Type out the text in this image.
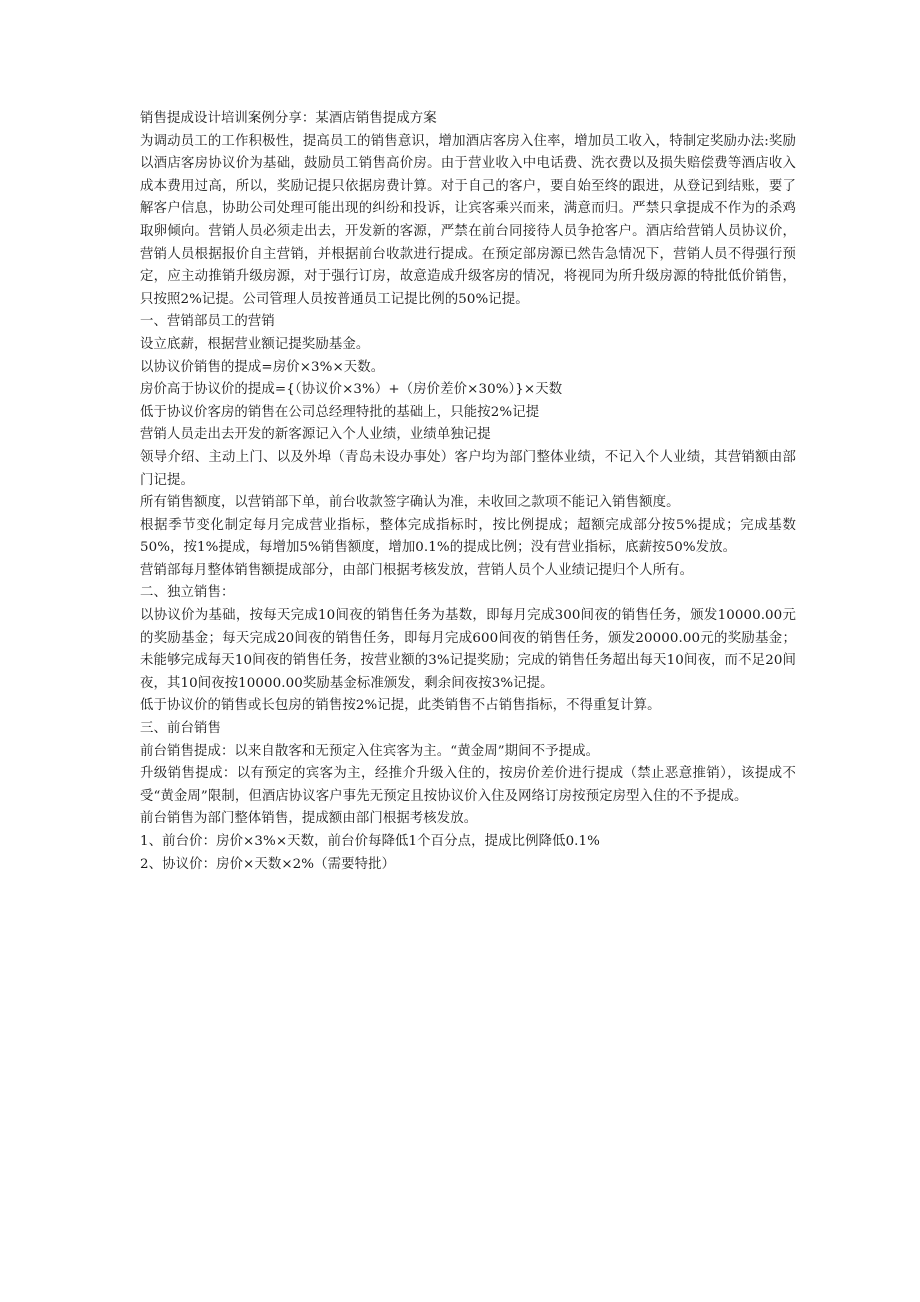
销售提成设计培训案例分享：某酒店销售提成方案
为调动员工的工作积极性，提高员工的销售意识，增加酒店客房入住率，增加员工收入，特制定奖励办法:奖励以酒店客房协议价为基础，鼓励员工销售高价房。由于营业收入中电话费、洗衣费以及损失赔偿费等酒店收入成本费用过高，所以，奖励记提只依据房费计算。对于自己的客户，要自始至终的跟进，从登记到结账，要了解客户信息，协助公司处理可能出现的纠纷和投诉，让宾客乘兴而来，满意而归。严禁只拿提成不作为的杀鸡取卵倾向。营销人员必须走出去，开发新的客源，严禁在前台同接待人员争抢客户。酒店给营销人员协议价，营销人员根据报价自主营销，并根据前台收款进行提成。在预定部房源已然告急情况下，营销人员不得强行预定，应主动推销升级房源，对于强行订房，故意造成升级客房的情况，将视同为所升级房源的特批低价销售，只按照2%记提。公司管理人员按普通员工记提比例的50%记提。
一、营销部员工的营销
设立底薪，根据营业额记提奖励基金。
以协议价销售的提成=房价×3%×天数。
房价高于协议价的提成={（协议价×3%）+（房价差价×30%）}×天数
低于协议价客房的销售在公司总经理特批的基础上，只能按2%记提
营销人员走出去开发的新客源记入个人业绩，业绩单独记提
领导介绍、主动上门、以及外埠（青岛未设办事处）客户均为部门整体业绩，不记入个人业绩，其营销额由部门记提。
所有销售额度，以营销部下单，前台收款签字确认为准，未收回之款项不能记入销售额度。
根据季节变化制定每月完成营业指标，整体完成指标时，按比例提成；超额完成部分按5%提成；完成基数50%，按1%提成，每增加5%销售额度，增加0.1%的提成比例；没有营业指标，底薪按50%发放。
营销部每月整体销售额提成部分，由部门根据考核发放，营销人员个人业绩记提归个人所有。
二、独立销售：
以协议价为基础，按每天完成10间夜的销售任务为基数，即每月完成300间夜的销售任务，颁发10000.00元的奖励基金；每天完成20间夜的销售任务，即每月完成600间夜的销售任务，颁发20000.00元的奖励基金；未能够完成每天10间夜的销售任务，按营业额的3%记提奖励；完成的销售任务超出每天10间夜，而不足20间夜，其10间夜按10000.00奖励基金标准颁发，剩余间夜按3%记提。
低于协议价的销售或长包房的销售按2%记提，此类销售不占销售指标，不得重复计算。
三、前台销售
前台销售提成：以来自散客和无预定入住宾客为主。“黄金周”期间不予提成。
升级销售提成：以有预定的宾客为主，经推介升级入住的，按房价差价进行提成（禁止恶意推销），该提成不受“黄金周”限制，但酒店协议客户事先无预定且按协议价入住及网络订房按预定房型入住的不予提成。
前台销售为部门整体销售，提成额由部门根据考核发放。
1、前台价：房价×3%×天数，前台价每降低1个百分点，提成比例降低0.1%
2、协议价：房价×天数×2%（需要特批）
